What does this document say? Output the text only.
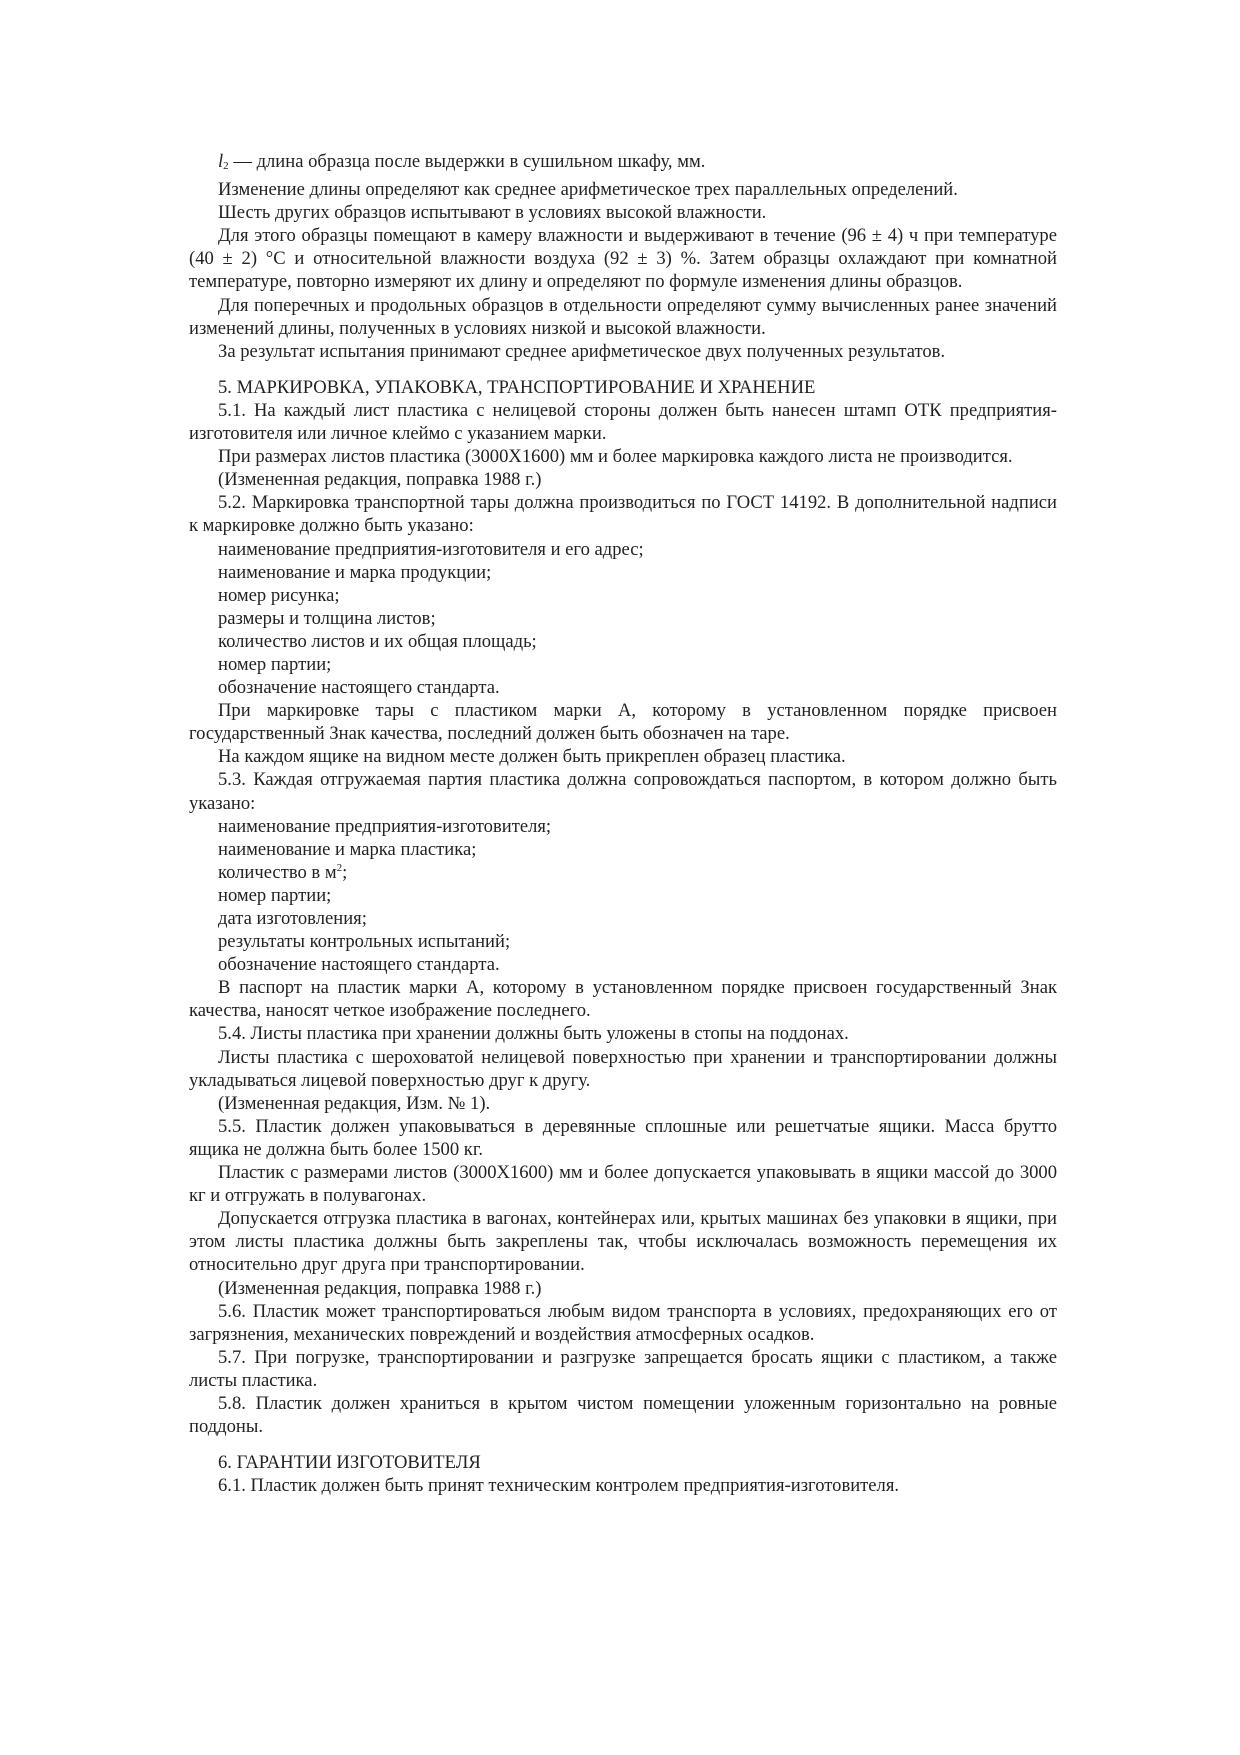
$l_2$ — длина образца после выдержки в сушильном шкафу, мм.

Изменение длины определяют как среднее арифметическое трех параллельных определений.

Шесть других образцов испытывают в условиях высокой влажности.

Для этого образцы помещают в камеру влажности и выдерживают в течение (96 ± 4) ч при температуре (40 ± 2) °С и относительной влажности воздуха (92 ± 3) %. Затем образцы охлаждают при комнатной температуре, повторно измеряют их длину и определяют по формуле изменения длины образцов.

Для поперечных и продольных образцов в отдельности определяют сумму вычисленных ранее значений изменений длины, полученных в условиях низкой и высокой влажности.

За результат испытания принимают среднее арифметическое двух полученных результатов.

5. МАРКИРОВКА, УПАКОВКА, ТРАНСПОРТИРОВАНИЕ И ХРАНЕНИЕ

5.1. На каждый лист пластика с нелицевой стороны должен быть нанесен штамп ОТК предприятия-изготовителя или личное клеймо с указанием марки.

При размерах листов пластика (3000Х1600) мм и более маркировка каждого листа не производится.

(Измененная редакция, поправка 1988 г.)

5.2. Маркировка транспортной тары должна производиться по ГОСТ 14192. В дополнительной надписи к маркировке должно быть указано:

наименование предприятия-изготовителя и его адрес;

наименование и марка продукции;

номер рисунка;

размеры и толщина листов;

количество листов и их общая площадь;

номер партии;

обозначение настоящего стандарта.

При маркировке тары с пластиком марки А, которому в установленном порядке присвоен государственный Знак качества, последний должен быть обозначен на таре.

На каждом ящике на видном месте должен быть прикреплен образец пластика.

5.3. Каждая отгружаемая партия пластика должна сопровождаться паспортом, в котором должно быть указано:

наименование предприятия-изготовителя;

наименование и марка пластика;

количество в $м^2$;

номер партии;

дата изготовления;

результаты контрольных испытаний;

обозначение настоящего стандарта.

В паспорт на пластик марки А, которому в установленном порядке присвоен государственный Знак качества, наносят четкое изображение последнего.

5.4. Листы пластика при хранении должны быть уложены в стопы на поддонах.

Листы пластика с шероховатой нелицевой поверхностью при хранении и транспортировании должны укладываться лицевой поверхностью друг к другу.

(Измененная редакция, Изм. № 1).

5.5. Пластик должен упаковываться в деревянные сплошные или решетчатые ящики. Масса брутто ящика не должна быть более 1500 кг.

Пластик с размерами листов (3000Х1600) мм и более допускается упаковывать в ящики массой до 3000 кг и отгружать в полувагонах.

Допускается отгрузка пластика в вагонах, контейнерах или, крытых машинах без упаковки в ящики, при этом листы пластика должны быть закреплены так, чтобы исключалась возможность перемещения их относительно друг друга при транспортировании.

(Измененная редакция, поправка 1988 г.)

5.6. Пластик может транспортироваться любым видом транспорта в условиях, предохраняющих его от загрязнения, механических повреждений и воздействия атмосферных осадков.

5.7. При погрузке, транспортировании и разгрузке запрещается бросать ящики с пластиком, а также листы пластика.

5.8. Пластик должен храниться в крытом чистом помещении уложенным горизонтально на ровные поддоны.

6. ГАРАНТИИ ИЗГОТОВИТЕЛЯ

6.1. Пластик должен быть принят техническим контролем предприятия-изготовителя.
